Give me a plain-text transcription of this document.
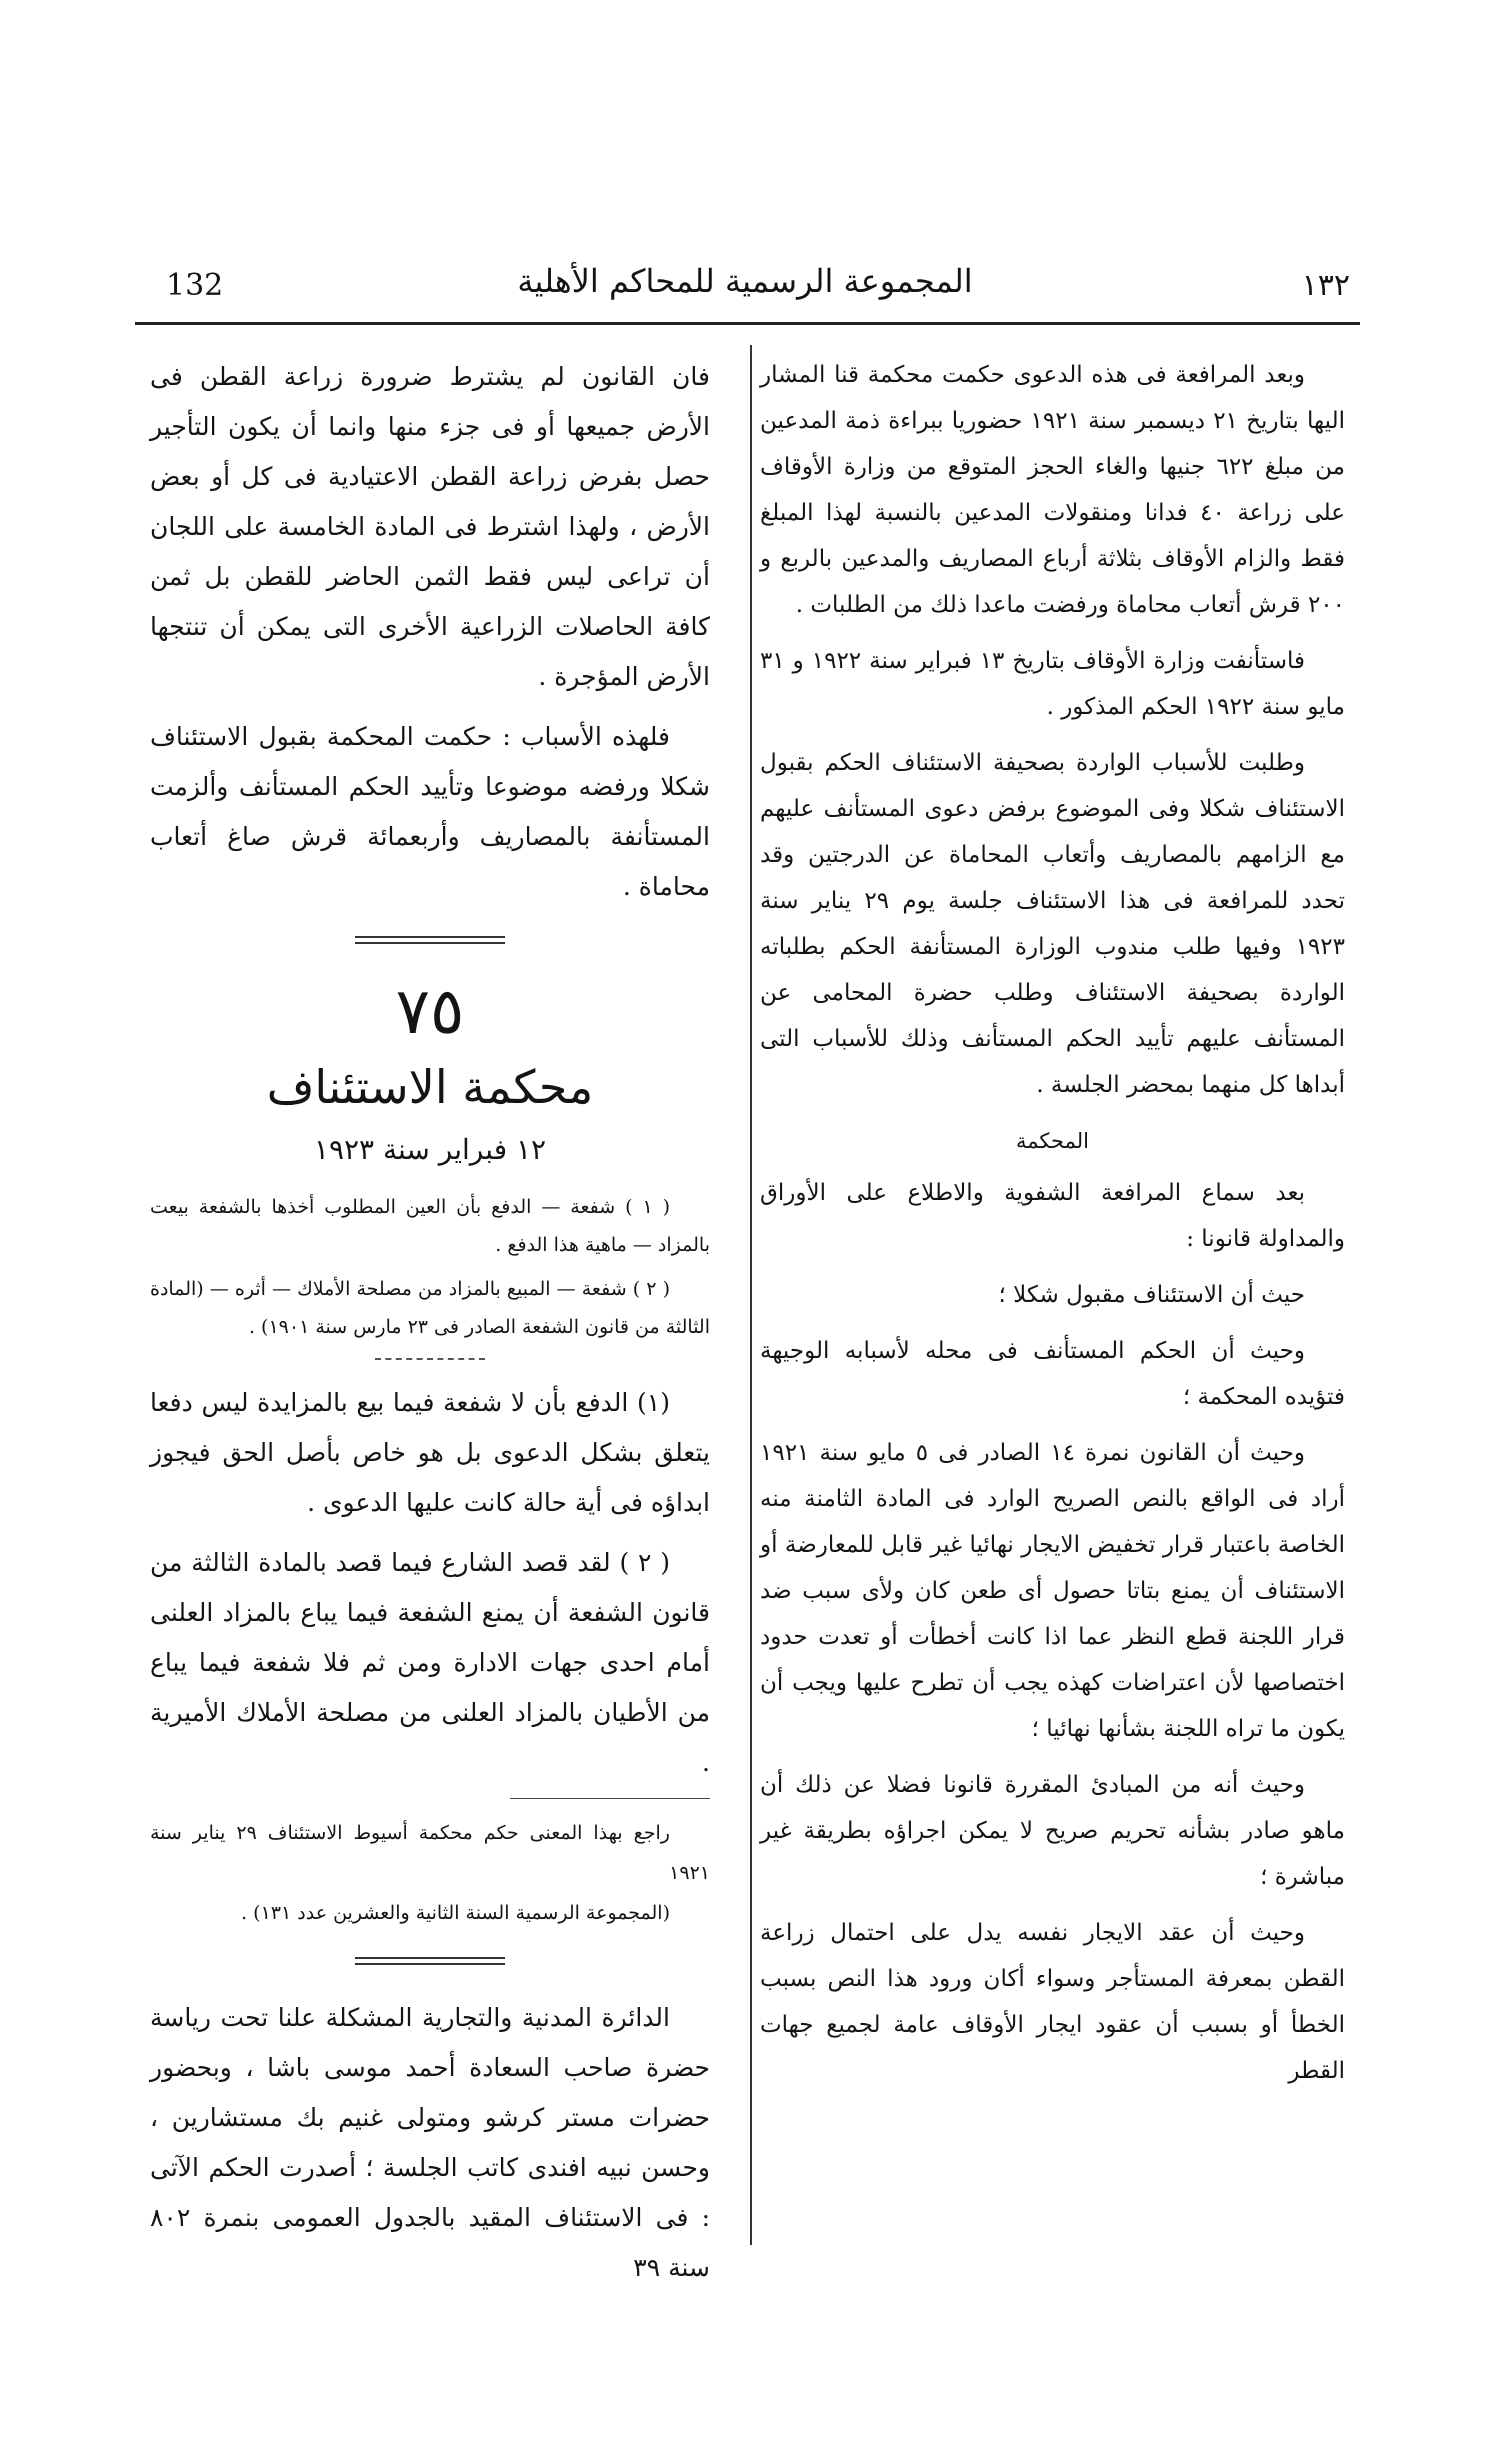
132	المجموعة الرسمية للمحاكم الأهلية	١٣٢

وبعد المرافعة فى هذه الدعوى حكمت محكمة قنا المشار اليها بتاريخ ٢١ ديسمبر سنة ١٩٢١ حضوريا ببراءة ذمة المدعين من مبلغ ٦٢٢ جنيها والغاء الحجز المتوقع من وزارة الأوقاف على زراعة ٤٠ فدانا ومنقولات المدعين بالنسبة لهذا المبلغ فقط والزام الأوقاف بثلاثة أرباع المصاريف والمدعين بالربع و ٢٠٠ قرش أتعاب محاماة ورفضت ماعدا ذلك من الطلبات .

فاستأنفت وزارة الأوقاف بتاريخ ١٣ فبراير سنة ١٩٢٢ و ٣١ مايو سنة ١٩٢٢ الحكم المذكور .

وطلبت للأسباب الواردة بصحيفة الاستئناف الحكم بقبول الاستئناف شكلا وفى الموضوع برفض دعوى المستأنف عليهم مع الزامهم بالمصاريف وأتعاب المحاماة عن الدرجتين وقد تحدد للمرافعة فى هذا الاستئناف جلسة يوم ٢٩ يناير سنة ١٩٢٣ وفيها طلب مندوب الوزارة المستأنفة الحكم بطلباته الواردة بصحيفة الاستئناف وطلب حضرة المحامى عن المستأنف عليهم تأييد الحكم المستأنف وذلك للأسباب التى أبداها كل منهما بمحضر الجلسة .

المحكمة

بعد سماع المرافعة الشفوية والاطلاع على الأوراق والمداولة قانونا :

حيث أن الاستئناف مقبول شكلا ؛

وحيث أن الحكم المستأنف فى محله لأسبابه الوجيهة فتؤيده المحكمة ؛

وحيث أن القانون نمرة ١٤ الصادر فى ٥ مايو سنة ١٩٢١ أراد فى الواقع بالنص الصريح الوارد فى المادة الثامنة منه الخاصة باعتبار قرار تخفيض الايجار نهائيا غير قابل للمعارضة أو الاستئناف أن يمنع بتاتا حصول أى طعن كان ولأى سبب ضد قرار اللجنة قطع النظر عما اذا كانت أخطأت أو تعدت حدود اختصاصها لأن اعتراضات كهذه يجب أن تطرح عليها ويجب أن يكون ما تراه اللجنة بشأنها نهائيا ؛

وحيث أنه من المبادئ المقررة قانونا فضلا عن ذلك أن ماهو صادر بشأنه تحريم صريح لا يمكن اجراؤه بطريقة غير مباشرة ؛

وحيث أن عقد الايجار نفسه يدل على احتمال زراعة القطن بمعرفة المستأجر وسواء أكان ورود هذا النص بسبب الخطأ أو بسبب أن عقود ايجار الأوقاف عامة لجميع جهات القطر

فان القانون لم يشترط ضرورة زراعة القطن فى الأرض جميعها أو فى جزء منها وانما أن يكون التأجير حصل بفرض زراعة القطن الاعتيادية فى كل أو بعض الأرض ، ولهذا اشترط فى المادة الخامسة على اللجان أن تراعى ليس فقط الثمن الحاضر للقطن بل ثمن كافة الحاصلات الزراعية الأخرى التى يمكن أن تنتجها الأرض المؤجرة .

فلهذه الأسباب : حكمت المحكمة بقبول الاستئناف شكلا ورفضه موضوعا وتأييد الحكم المستأنف وألزمت المستأنفة بالمصاريف وأربعمائة قرش صاغ أتعاب محاماة .

٧٥
محكمة الاستئناف
١٢ فبراير سنة ١٩٢٣

( ١ ) شفعة — الدفع بأن العين المطلوب أخذها بالشفعة بيعت بالمزاد — ماهية هذا الدفع .

( ٢ ) شفعة — المبيع بالمزاد من مصلحة الأملاك — أثره — (المادة الثالثة من قانون الشفعة الصادر فى ٢٣ مارس سنة ١٩٠١) .

(١) الدفع بأن لا شفعة فيما بيع بالمزايدة ليس دفعا يتعلق بشكل الدعوى بل هو خاص بأصل الحق فيجوز ابداؤه فى أية حالة كانت عليها الدعوى .

( ٢ ) لقد قصد الشارع فيما قصد بالمادة الثالثة من قانون الشفعة أن يمنع الشفعة فيما يباع بالمزاد العلنى أمام احدى جهات الادارة ومن ثم فلا شفعة فيما يباع من الأطيان بالمزاد العلنى من مصلحة الأملاك الأميرية .

راجع بهذا المعنى حكم محكمة أسيوط الاستئناف ٢٩ يناير سنة ١٩٢١

(المجموعة الرسمية السنة الثانية والعشرين عدد ١٣١) .

الدائرة المدنية والتجارية المشكلة علنا تحت رياسة حضرة صاحب السعادة أحمد موسى باشا ، وبحضور حضرات مستر كرشو ومتولى غنيم بك مستشارين ، وحسن نبيه افندى كاتب الجلسة ؛ أصدرت الحكم الآتى : فى الاستئناف المقيد بالجدول العمومى بنمرة ٨٠٢ سنة ٣٩
